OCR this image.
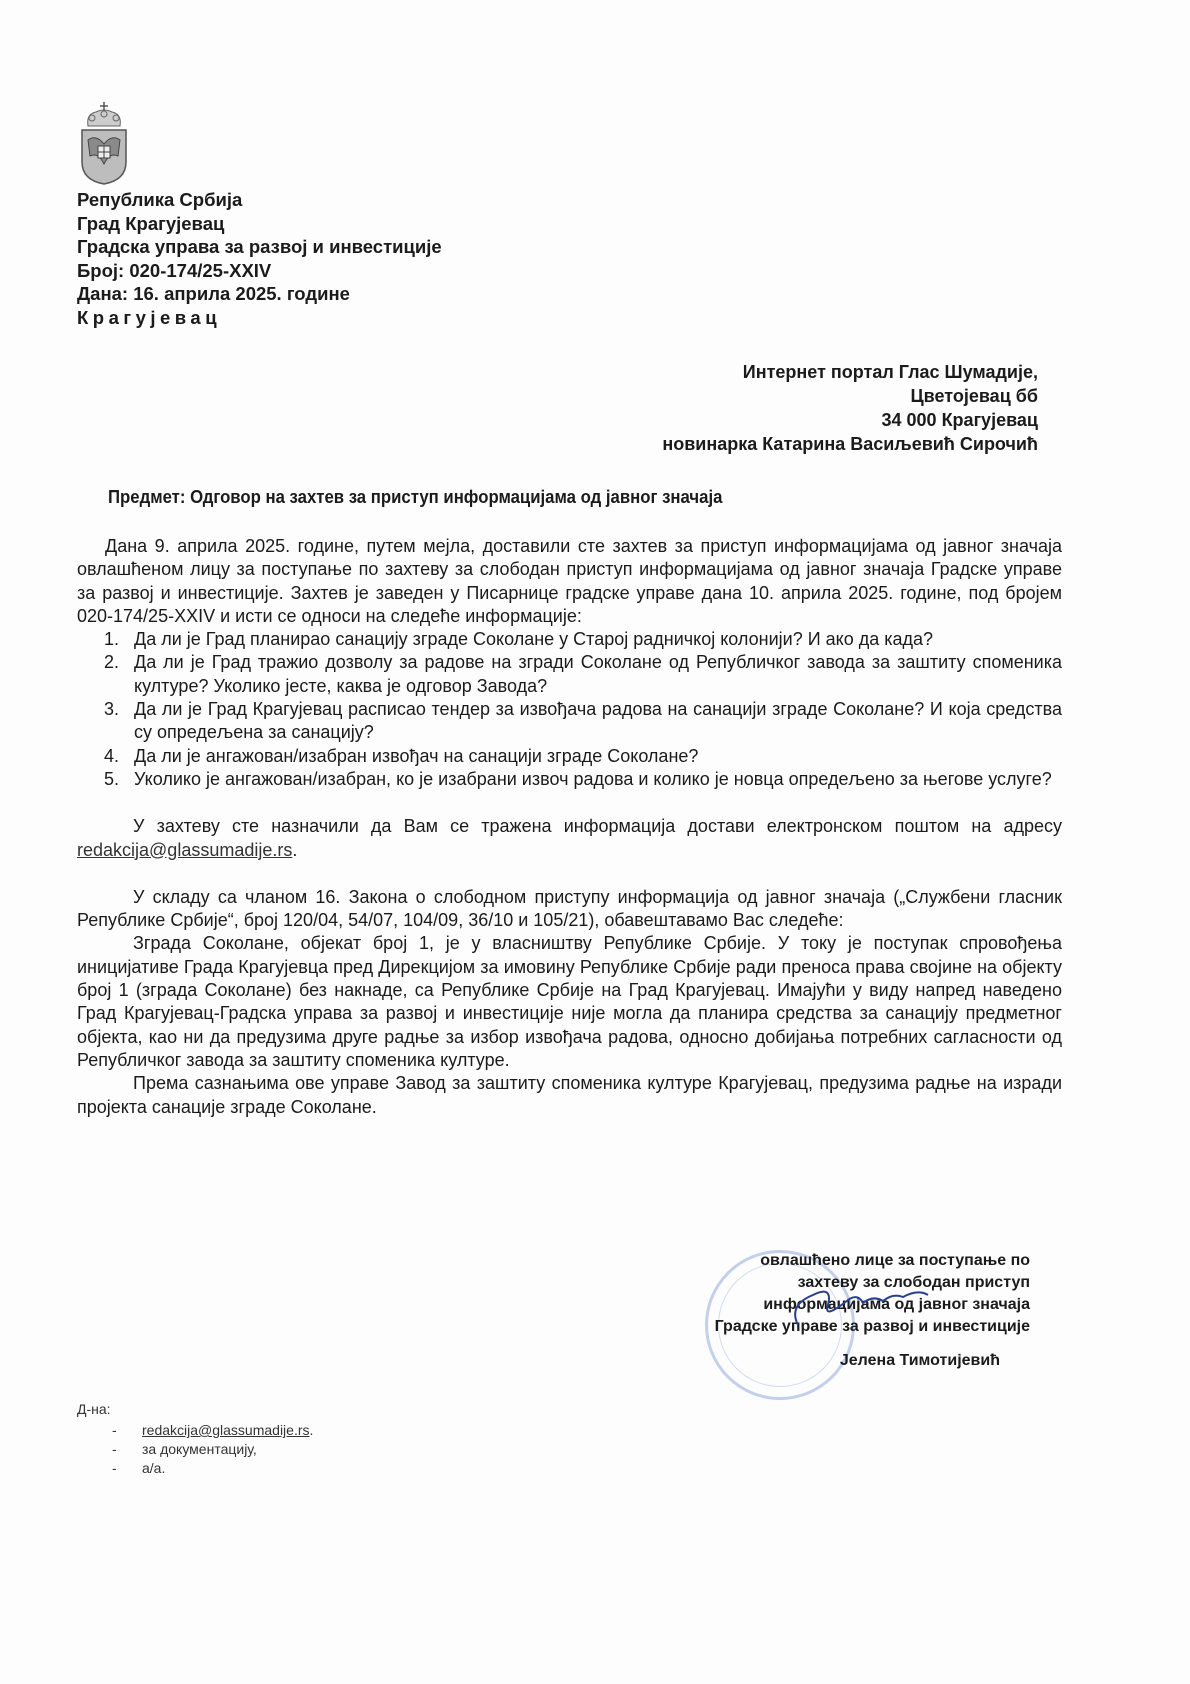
Република Србија
Град Крагујевац
Градска управа за развој и инвестиције
Број: 020-174/25-XXIV
Дана: 16. априла 2025. године
Крагујевац
Интернет портал Глас Шумадије,
Цветојевац бб
34 000 Крагујевац
новинарка Катарина Васиљевић Сирочић
Предмет: Одговор на захтев за приступ информацијама од јавног значаја
Дана 9. априла 2025. године, путем мејла, доставили сте захтев за приступ информацијама од јавног значаја овлашћеном лицу за поступање по захтеву за слободан приступ информацијама од јавног значаја Градске управе за развој и инвестиције. Захтев је заведен у Писарнице градске управе дана 10. априла 2025. године, под бројем 020-174/25-XXIV и исти се односи на следеће информације:
1. Да ли је Град планирао санацију зграде Соколане у Старој радничкој колонији? И ако да када?
2. Да ли је Град тражио дозволу за радове на згради Соколане од Републичког завода за заштиту споменика културе? Уколико јесте, каква је одговор Завода?
3. Да ли је Град Крагујевац расписао тендер за извођача радова на санацији зграде Соколане? И која средства су опредељена за санацију?
4. Да ли је ангажован/изабран извођач на санацији зграде Соколане?
5. Уколико је ангажован/изабран, ко је изабрани извоч радова и колико је новца опредељено за његове услуге?
У захтеву сте назначили да Вам се тражена информација достави електронском поштом на адресу redakcija@glassumadije.rs.
У складу са чланом 16. Закона о слободном приступу информација од јавног значаја („Службени гласник Републике Србије“, број 120/04, 54/07, 104/09, 36/10 и 105/21), обавештавамо Вас следеће:
Зграда Соколане, објекат број 1, је у власништву Републике Србије. У току је поступак спровођења иницијативе Града Крагујевца пред Дирекцијом за имовину Републике Србије ради преноса права својине на објекту број 1 (зграда Соколане) без накнаде, са Републике Србије на Град Крагујевац. Имајући у виду напред наведено Град Крагујевац-Градска управа за развој и инвестиције није могла да планира средства за санацију предметног објекта, као ни да предузима друге радње за избор извођача радова, односно добијања потребних сагласности од Републичког завода за заштиту споменика културе.
Према сазнањима ове управе Завод за заштиту споменика културе Крагујевац, предузима радње на изради пројекта санације зграде Соколане.
овлашћено лице за поступање по
захтеву за слободан приступ
информацијама од јавног значаја
Градске управе за развој и инвестиције
Јелена Тимотијевић
Д-на:
-	redakcija@glassumadije.rs.
-	за документацију,
-	а/а.
